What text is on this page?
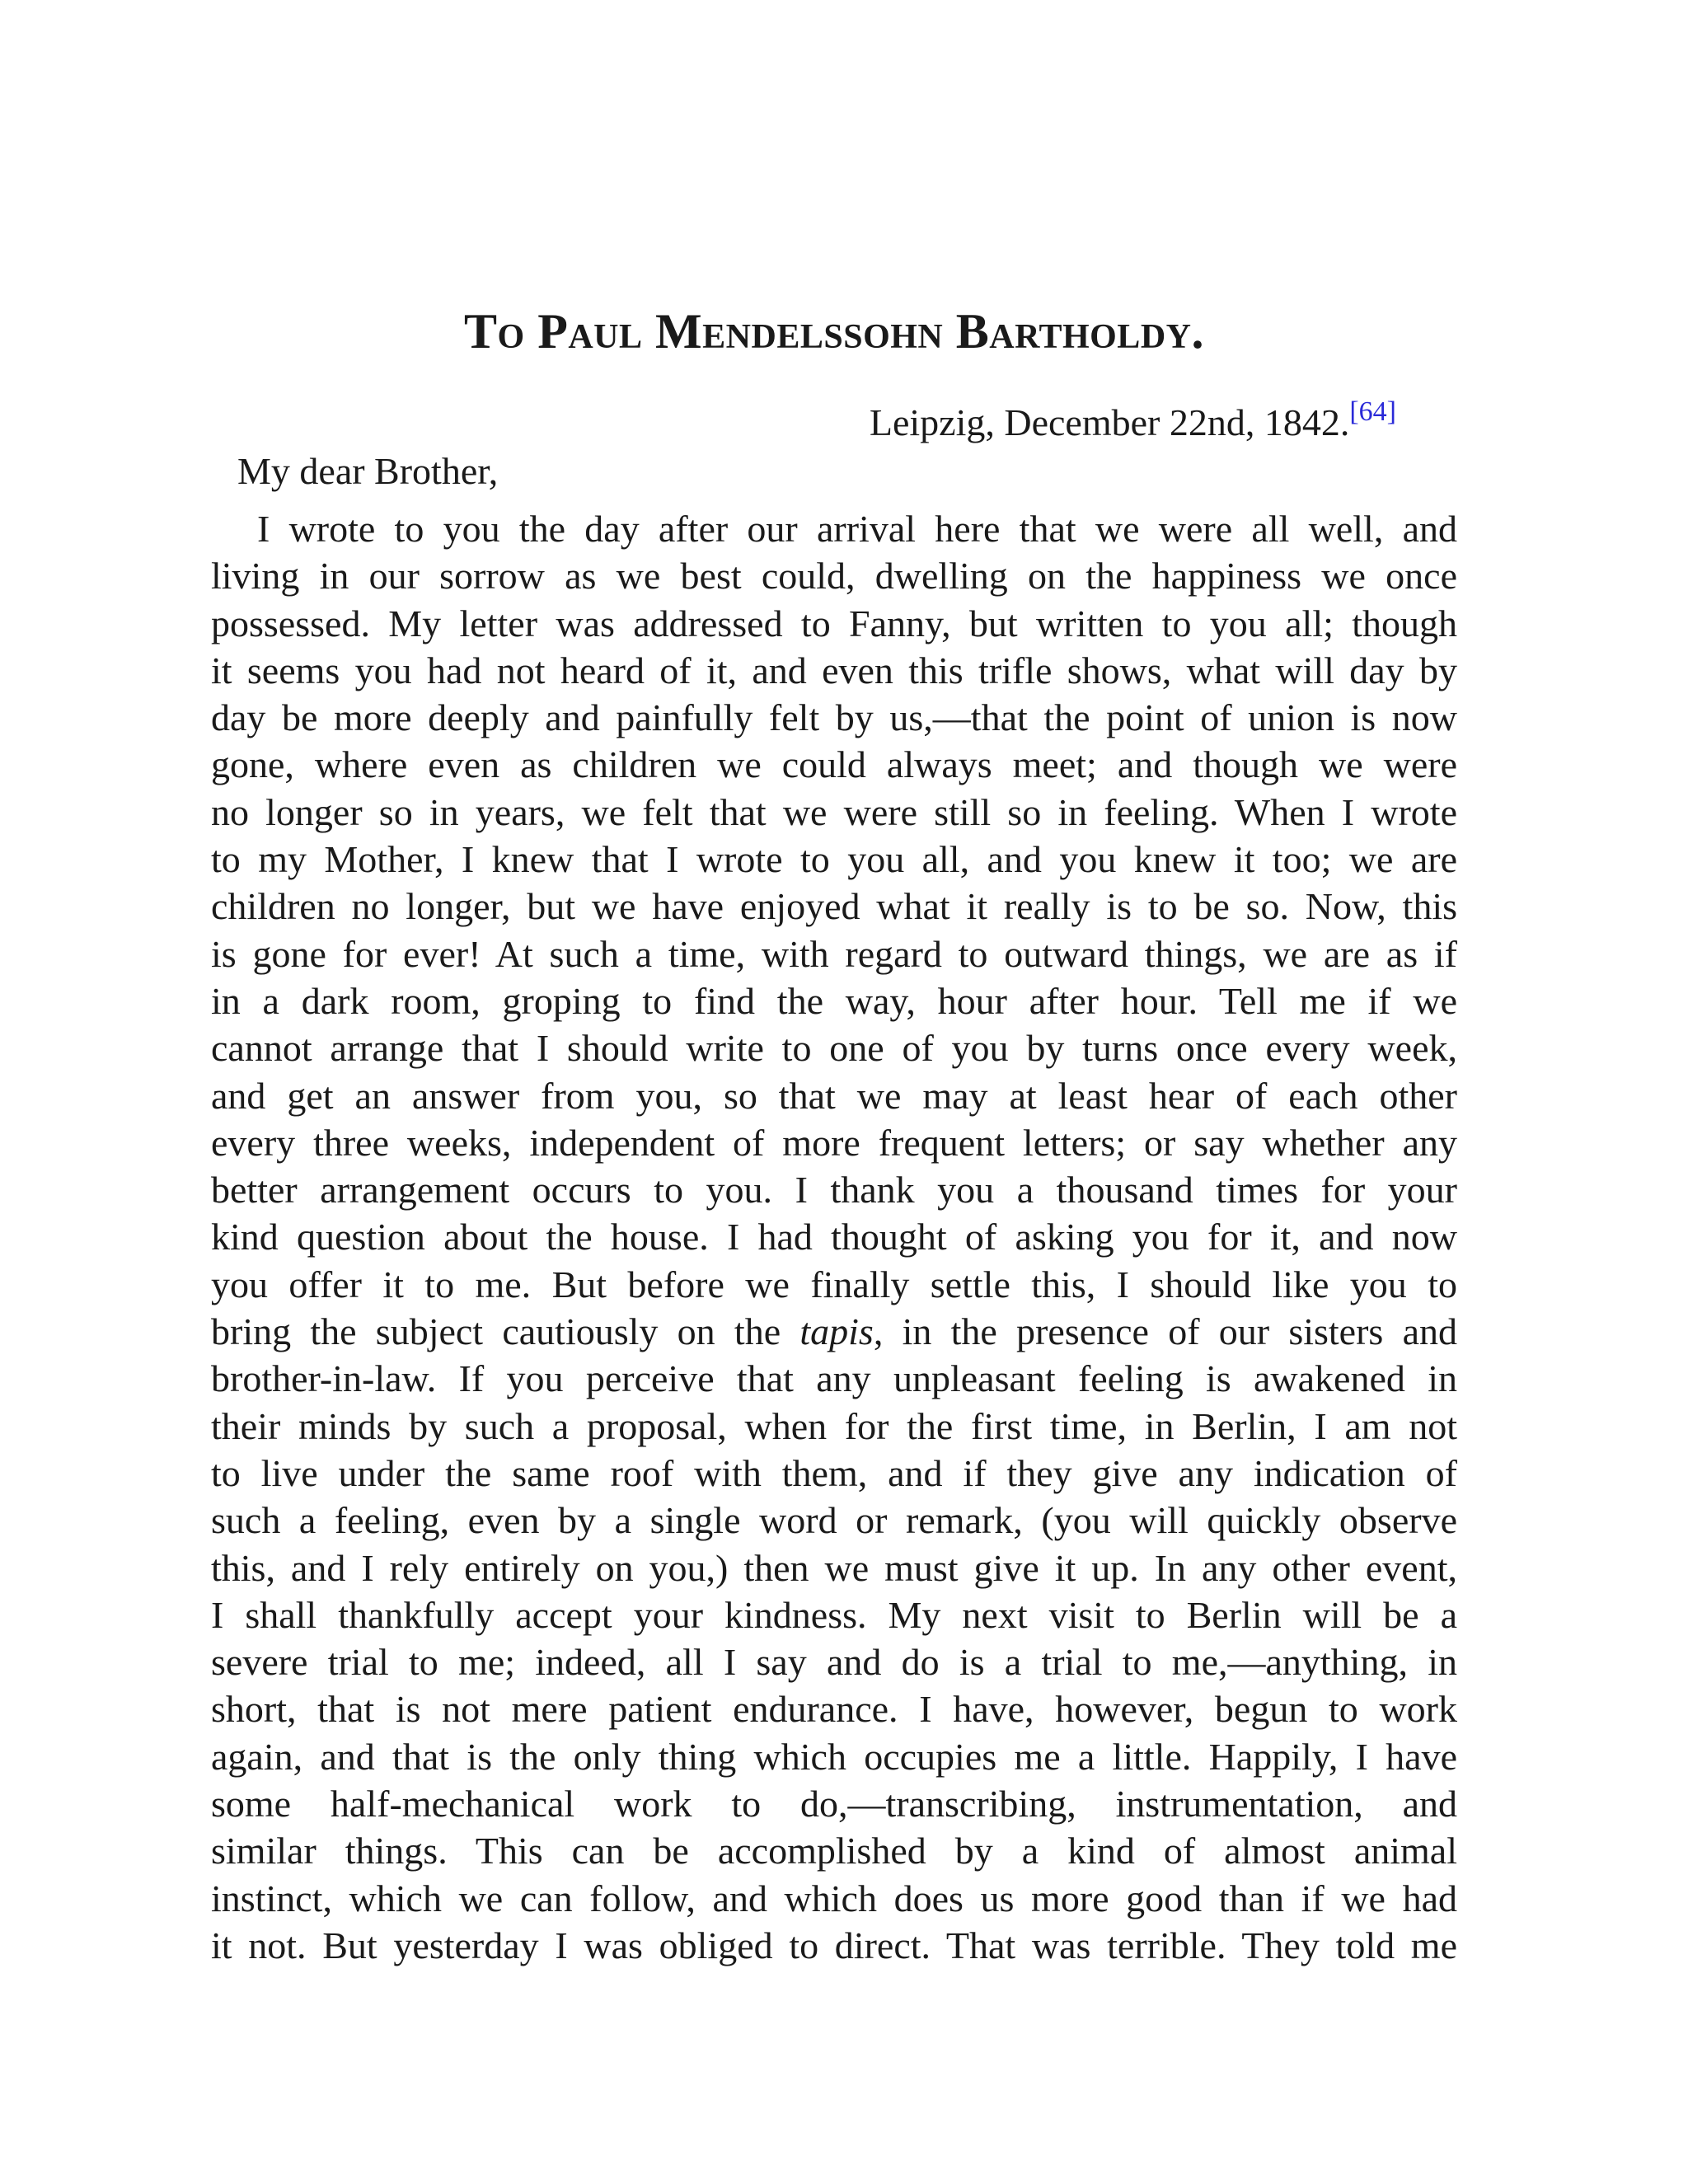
To Paul Mendelssohn Bartholdy.

Leipzig, December 22nd, 1842.[64]

My dear Brother,

I wrote to you the day after our arrival here that we were all well, and
living in our sorrow as we best could, dwelling on the happiness we once
possessed. My letter was addressed to Fanny, but written to you all; though
it seems you had not heard of it, and even this trifle shows, what will day by
day be more deeply and painfully felt by us,—that the point of union is now
gone, where even as children we could always meet; and though we were
no longer so in years, we felt that we were still so in feeling. When I wrote
to my Mother, I knew that I wrote to you all, and you knew it too; we are
children no longer, but we have enjoyed what it really is to be so. Now, this
is gone for ever! At such a time, with regard to outward things, we are as if
in a dark room, groping to find the way, hour after hour. Tell me if we
cannot arrange that I should write to one of you by turns once every week,
and get an answer from you, so that we may at least hear of each other
every three weeks, independent of more frequent letters; or say whether any
better arrangement occurs to you. I thank you a thousand times for your
kind question about the house. I had thought of asking you for it, and now
you offer it to me. But before we finally settle this, I should like you to
bring the subject cautiously on the tapis, in the presence of our sisters and
brother-in-law. If you perceive that any unpleasant feeling is awakened in
their minds by such a proposal, when for the first time, in Berlin, I am not
to live under the same roof with them, and if they give any indication of
such a feeling, even by a single word or remark, (you will quickly observe
this, and I rely entirely on you,) then we must give it up. In any other event,
I shall thankfully accept your kindness. My next visit to Berlin will be a
severe trial to me; indeed, all I say and do is a trial to me,—anything, in
short, that is not mere patient endurance. I have, however, begun to work
again, and that is the only thing which occupies me a little. Happily, I have
some half-mechanical work to do,—transcribing, instrumentation, and
similar things. This can be accomplished by a kind of almost animal
instinct, which we can follow, and which does us more good than if we had
it not. But yesterday I was obliged to direct. That was terrible. They told me
